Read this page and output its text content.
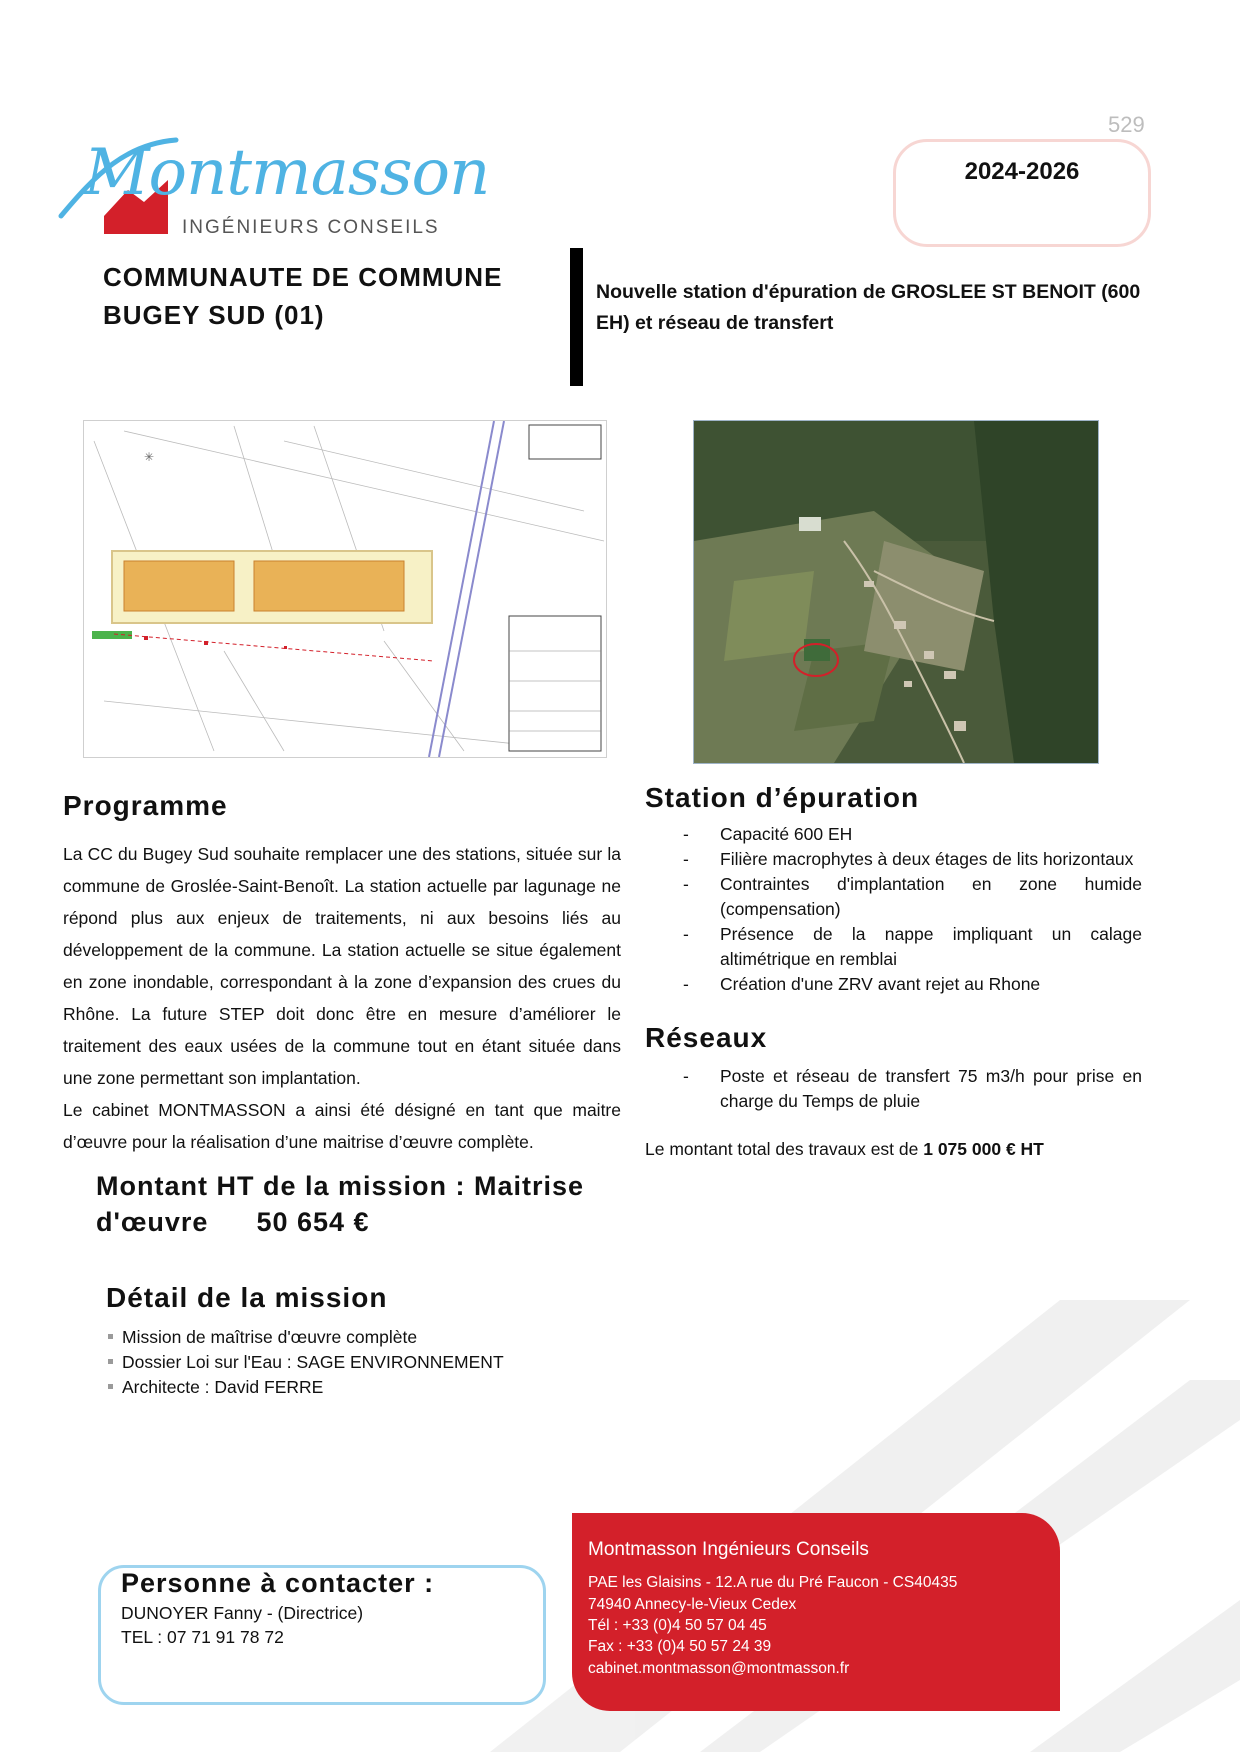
529
2024-2026
Montmasson
INGÉNIEURS CONSEILS
COMMUNAUTE DE COMMUNE
BUGEY SUD (01)
Nouvelle station d'épuration de GROSLEE ST BENOIT (600 EH) et réseau de transfert
✳
Programme

La CC du Bugey Sud souhaite remplacer une des stations, située sur la commune de Groslée-Saint-Benoît. La station actuelle par lagunage ne répond plus aux enjeux de traitements, ni aux besoins liés au développement de la commune. La station actuelle se situe également en zone inondable, correspondant à la zone d’expansion des crues du Rhône. La future STEP doit donc être en mesure d’améliorer le traitement des eaux usées de la commune tout en étant située dans une zone permettant son implantation.

Le cabinet MONTMASSON a ainsi été désigné en tant que maitre d’œuvre pour la réalisation d’une maitrise d’œuvre complète.

Station d’épuration
- Capacité 600 EH
- Filière macrophytes à deux étages de lits horizontaux
- Contraintes d'implantation en zone humide (compensation)
- Présence de la nappe impliquant un calage altimétrique en remblai
- Création d'une ZRV avant rejet au Rhone
Réseaux
- Poste et réseau de transfert 75 m3/h pour prise en charge du Temps de pluie
Le montant total des travaux est de 1 075 000 € HT
Montant HT de la mission : Maitrise
d'œuvre 50 654 €
Détail de la mission
Mission de maîtrise d'œuvre complète
Dossier Loi sur l'Eau : SAGE ENVIRONNEMENT
Architecte : David FERRE
Personne à contacter :
DUNOYER Fanny - (Directrice)
TEL : 07 71 91 78 72
Montmasson Ingénieurs Conseils
PAE les Glaisins - 12.A rue du Pré Faucon - CS40435
74940 Annecy-le-Vieux Cedex
Tél : +33 (0)4 50 57 04 45
Fax : +33 (0)4 50 57 24 39
cabinet.montmasson@montmasson.fr
